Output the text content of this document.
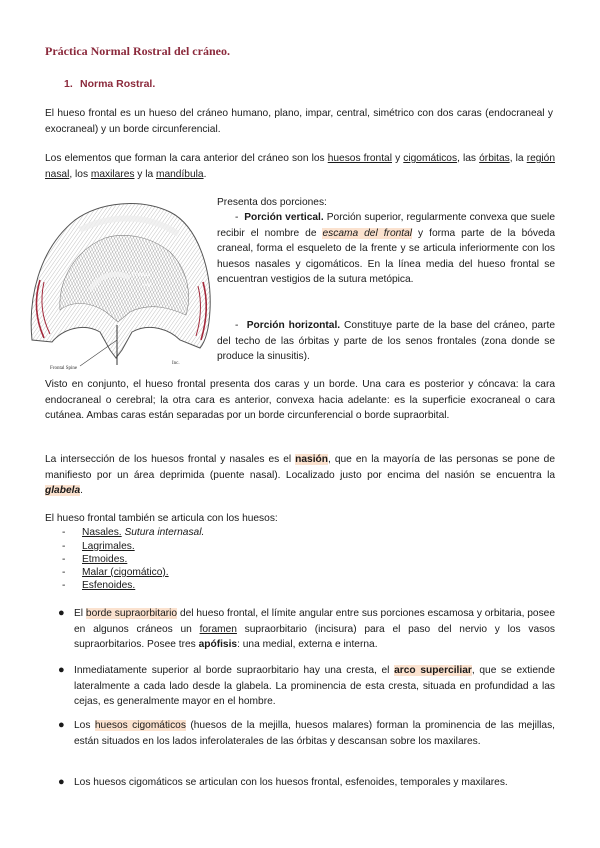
Práctica Normal Rostral del cráneo.
1. Norma Rostral.

El hueso frontal es un hueso del cráneo humano, plano, impar, central, simétrico con dos caras (endocraneal y exocraneal) y un borde circunferencial.

Los elementos que forman la cara anterior del cráneo son los huesos frontal y cigomáticos, las órbitas, la región nasal, los maxilares y la mandíbula.

Frontal
Sup.
Frontal Spine
Inc.

Presenta dos porciones:

- Porción vertical. Porción superior, regularmente convexa que suele recibir el nombre de escama del frontal y forma parte de la bóveda craneal, forma el esqueleto de la frente y se articula inferiormente con los huesos nasales y cigomáticos. En la línea media del hueso frontal se encuentran vestigios de la sutura metópica.

- Porción horizontal. Constituye parte de la base del cráneo, parte del techo de las órbitas y parte de los senos frontales (zona donde se produce la sinusitis).

Visto en conjunto, el hueso frontal presenta dos caras y un borde. Una cara es posterior y cóncava: la cara endocraneal o cerebral; la otra cara es anterior, convexa hacia adelante: es la superficie exocraneal o cara cutánea. Ambas caras están separadas por un borde circunferencial o borde supraorbital.

La intersección de los huesos frontal y nasales es el nasión, que en la mayoría de las personas se pone de manifiesto por un área deprimida (puente nasal). Localizado justo por encima del nasión se encuentra la glabela.

El hueso frontal también se articula con los huesos:

- Nasales. Sutura internasal.
- Lagrimales.
- Etmoides.
- Malar (cigomático).
- Esfenoides.
● El borde supraorbitario del hueso frontal, el límite angular entre sus porciones escamosa y orbitaria, posee en algunos cráneos un foramen supraorbitario (incisura) para el paso del nervio y los vasos supraorbitarios. Posee tres apófisis: una medial, externa e interna.

● Inmediatamente superior al borde supraorbitario hay una cresta, el arco superciliar, que se extiende lateralmente a cada lado desde la glabela. La prominencia de esta cresta, situada en profundidad a las cejas, es generalmente mayor en el hombre.

● Los huesos cigomáticos (huesos de la mejilla, huesos malares) forman la prominencia de las mejillas, están situados en los lados inferolaterales de las órbitas y descansan sobre los maxilares.

● Los huesos cigomáticos se articulan con los huesos frontal, esfenoides, temporales y maxilares.
